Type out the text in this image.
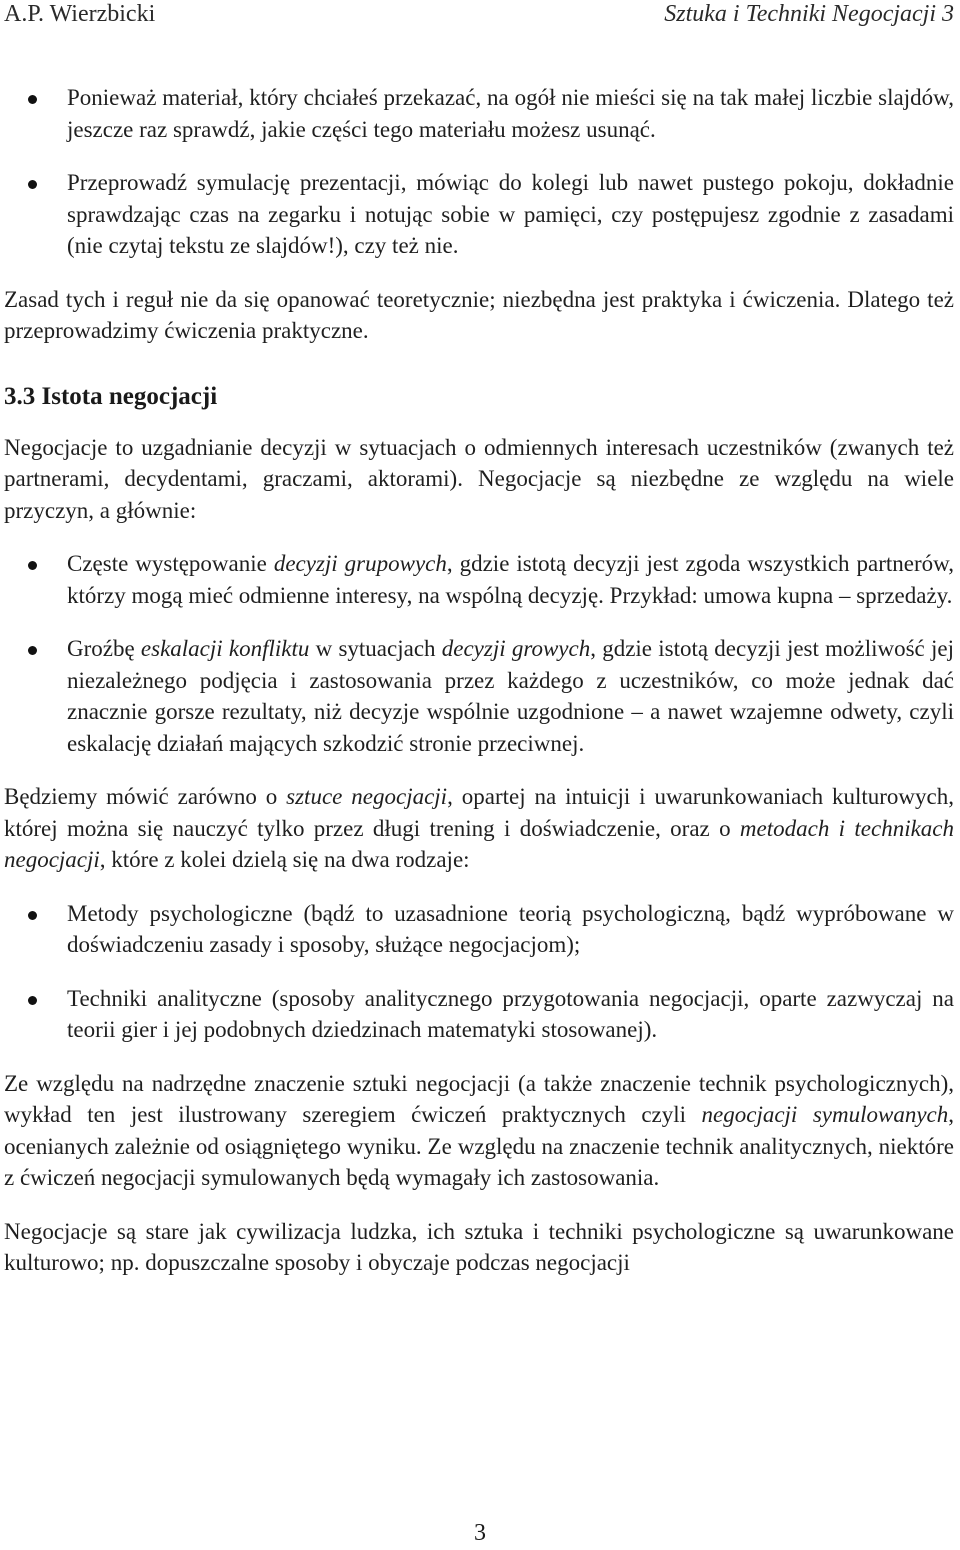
A.P. Wierzbicki	Sztuka i Techniki Negocjacji 3
Ponieważ materiał, który chciałeś przekazać, na ogół nie mieści się na tak małej liczbie slajdów, jeszcze raz sprawdź, jakie części tego materiału możesz usunąć.
Przeprowadź symulację prezentacji, mówiąc do kolegi lub nawet pustego pokoju, dokładnie sprawdzając czas na zegarku i notując sobie w pamięci, czy postępujesz zgodnie z zasadami (nie czytaj tekstu ze slajdów!), czy też nie.

Zasad tych i reguł nie da się opanować teoretycznie; niezbędna jest praktyka i ćwiczenia. Dlatego też przeprowadzimy ćwiczenia praktyczne.

3.3 Istota negocjacji

Negocjacje to uzgadnianie decyzji w sytuacjach o odmiennych interesach uczestników (zwanych też partnerami, decydentami, graczami, aktorami). Negocjacje są niezbędne ze względu na wiele przyczyn, a głównie:

Częste występowanie decyzji grupowych, gdzie istotą decyzji jest zgoda wszystkich partnerów, którzy mogą mieć odmienne interesy, na wspólną decyzję. Przykład: umowa kupna – sprzedaży.
Groźbę eskalacji konfliktu w sytuacjach decyzji growych, gdzie istotą decyzji jest możliwość jej niezależnego podjęcia i zastosowania przez każdego z uczestników, co może jednak dać znacznie gorsze rezultaty, niż decyzje wspólnie uzgodnione – a nawet wzajemne odwety, czyli eskalację działań mających szkodzić stronie przeciwnej.

Będziemy mówić zarówno o sztuce negocjacji, opartej na intuicji i uwarunkowaniach kulturowych, której można się nauczyć tylko przez długi trening i doświadczenie, oraz o metodach i technikach negocjacji, które z kolei dzielą się na dwa rodzaje:

Metody psychologiczne (bądź to uzasadnione teorią psychologiczną, bądź wypróbowane w doświadczeniu zasady i sposoby, służące negocjacjom);
Techniki analityczne (sposoby analitycznego przygotowania negocjacji, oparte zazwyczaj na teorii gier i jej podobnych dziedzinach matematyki stosowanej).

Ze względu na nadrzędne znaczenie sztuki negocjacji (a także znaczenie technik psychologicznych), wykład ten jest ilustrowany szeregiem ćwiczeń praktycznych czyli negocjacji symulowanych, ocenianych zależnie od osiągniętego wyniku. Ze względu na znaczenie technik analitycznych, niektóre z ćwiczeń negocjacji symulowanych będą wymagały ich zastosowania.

Negocjacje są stare jak cywilizacja ludzka, ich sztuka i techniki psychologiczne są uwarunkowane kulturowo; np. dopuszczalne sposoby i obyczaje podczas negocjacji

3
